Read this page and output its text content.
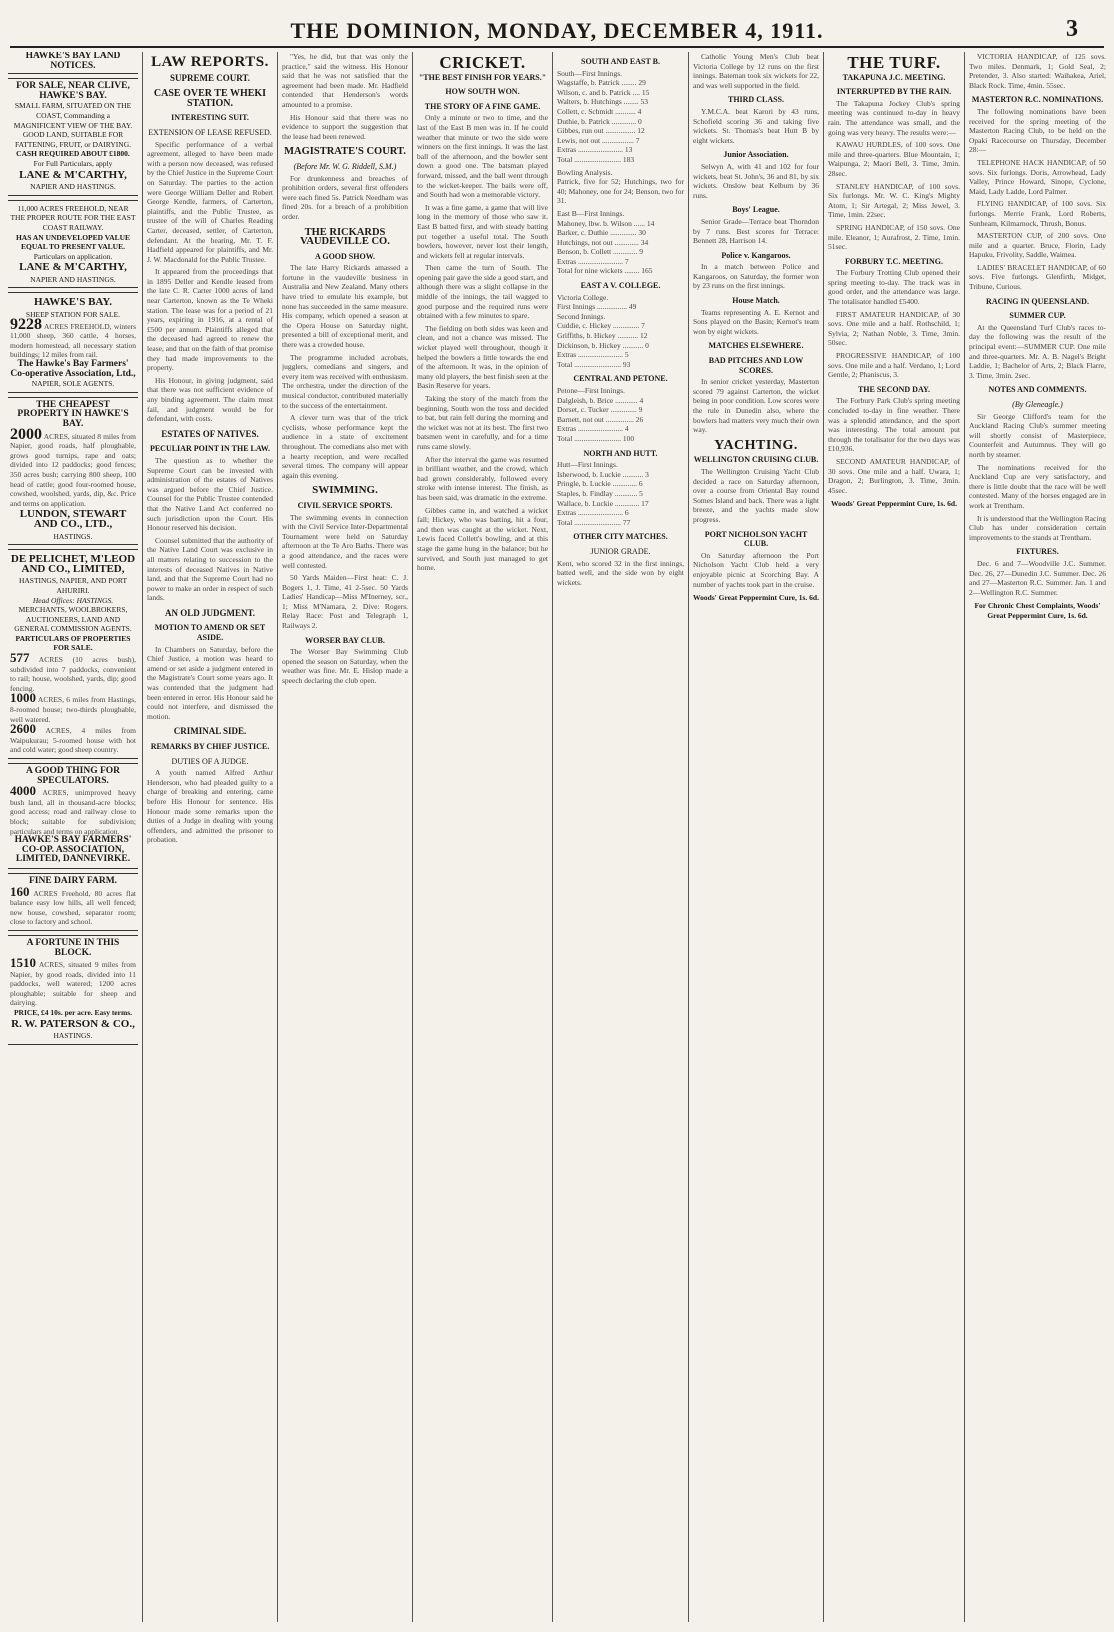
THE DOMINION, MONDAY, DECEMBER 4, 1911.	3
HAWKE'S BAY LAND NOTICES.
FOR SALE, NEAR CLIVE, HAWKE'S BAY.
SMALL FARM, SITUATED ON THE COAST, Commanding a MAGNIFICENT VIEW OF THE BAY.
GOOD LAND, SUITABLE FOR FATTENING, FRUIT, or DAIRYING.
CASH REQUIRED ABOUT £1800.
For Full Particulars, apply
LANE & M'CARTHY,
NAPIER AND HASTINGS.
11,000 ACRES FREEHOLD, NEAR THE PROPER ROUTE FOR THE EAST COAST RAILWAY.
HAS AN UNDEVELOPED VALUE EQUAL TO PRESENT VALUE.
Particulars on application.
LANE & M'CARTHY,
NAPIER AND HASTINGS.
HAWKE'S BAY.
SHEEP STATION FOR SALE.
9228 ACRES FREEHOLD, winters 11,000 sheep, 360 cattle, 4 horses, modern homestead, all necessary station buildings; 12 miles from rail.
The Hawke's Bay Farmers' Co-operative Association, Ltd.,
NAPIER, SOLE AGENTS.
THE CHEAPEST PROPERTY IN HAWKE'S BAY.
2000 ACRES, situated 8 miles from Napier, good roads, half ploughable, grows good turnips, rape and oats; divided into 12 paddocks; good fences; 350 acres bush; carrying 800 sheep, 100 head of cattle; good four-roomed house, cowshed, woolshed, yards, dip, &c. Price and terms on application.
LUNDON, STEWART AND CO., LTD.,
HASTINGS.
DE PELICHET, M'LEOD AND CO., LIMITED,
HASTINGS, NAPIER, AND PORT AHURIRI.
Head Offices: HASTINGS.
MERCHANTS, WOOLBROKERS, AUCTIONEERS, LAND AND GENERAL COMMISSION AGENTS.
PARTICULARS OF PROPERTIES FOR SALE.
577 ACRES (10 acres bush), subdivided into 7 paddocks, convenient to rail; house, woolshed, yards, dip; good fencing.
1000 ACRES, 6 miles from Hastings, 8-roomed house; two-thirds ploughable, well watered.
2600 ACRES, 4 miles from Waipukurau; 5-roomed house with hot and cold water; good sheep country.
A GOOD THING FOR SPECULATORS.
4000 ACRES, unimproved heavy bush land, all in thousand-acre blocks; good access; road and railway close to block; suitable for subdivision; particulars and terms on application.
HAWKE'S BAY FARMERS' CO-OP. ASSOCIATION, LIMITED, DANNEVIRKE.
FINE DAIRY FARM.
160 ACRES Freehold, 80 acres flat balance easy low hills, all well fenced; new house, cowshed, separator room; close to factory and school.
A FORTUNE IN THIS BLOCK.
1510 ACRES, situated 9 miles from Napier, by good roads, divided into 11 paddocks, well watered; 1200 acres ploughable; suitable for sheep and dairying.
PRICE, £4 10s. per acre. Easy terms.
R. W. PATERSON & CO.,
HASTINGS.
LAW REPORTS.
SUPREME COURT.
CASE OVER TE WHEKI STATION.
INTERESTING SUIT.
EXTENSION OF LEASE REFUSED.

Specific performance of a verbal agreement, alleged to have been made with a person now deceased, was refused by the Chief Justice in the Supreme Court on Saturday. The parties to the action were George William Deller and Robert George Kendle, farmers, of Carterton, plaintiffs, and the Public Trustee, as trustee of the will of Charles Reading Carter, deceased, settler, of Carterton, defendant. At the hearing, Mr. T. F. Hadfield appeared for plaintiffs, and Mr. J. W. Macdonald for the Public Trustee.

It appeared from the proceedings that in 1895 Deller and Kendle leased from the late C. R. Carter 1000 acres of land near Carterton, known as the Te Wheki station. The lease was for a period of 21 years, expiring in 1916, at a rental of £500 per annum. Plaintiffs alleged that the deceased had agreed to renew the lease, and that on the faith of that promise they had made improvements to the property.

His Honour, in giving judgment, said that there was not sufficient evidence of any binding agreement. The claim must fail, and judgment would be for defendant, with costs.

ESTATES OF NATIVES.
PECULIAR POINT IN THE LAW.

The question as to whether the Supreme Court can be invested with administration of the estates of Natives was argued before the Chief Justice. Counsel for the Public Trustee contended that the Native Land Act conferred no such jurisdiction upon the Court. His Honour reserved his decision.

Counsel submitted that the authority of the Native Land Court was exclusive in all matters relating to succession to the interests of deceased Natives in Native land, and that the Supreme Court had no power to make an order in respect of such lands.

AN OLD JUDGMENT.
MOTION TO AMEND OR SET ASIDE.

In Chambers on Saturday, before the Chief Justice, a motion was heard to amend or set aside a judgment entered in the Magistrate's Court some years ago. It was contended that the judgment had been entered in error. His Honour said he could not interfere, and dismissed the motion.

CRIMINAL SIDE.
REMARKS BY CHIEF JUSTICE.
DUTIES OF A JUDGE.

A youth named Alfred Arthur Henderson, who had pleaded guilty to a charge of breaking and entering, came before His Honour for sentence. His Honour made some remarks upon the duties of a Judge in dealing with young offenders, and admitted the prisoner to probation.

"Yes, he did, but that was only the practice," said the witness. His Honour said that he was not satisfied that the agreement had been made. Mr. Hadfield contended that Henderson's words amounted to a promise.

His Honour said that there was no evidence to support the suggestion that the lease had been renewed.

MAGISTRATE'S COURT.
(Before Mr. W. G. Riddell, S.M.)

For drunkenness and breaches of prohibition orders, several first offenders were each fined 5s. Patrick Needham was fined 20s. for a breach of a prohibition order.

THE RICKARDS VAUDEVILLE CO.
A GOOD SHOW.

The late Harry Rickards amassed a fortune in the vaudeville business in Australia and New Zealand. Many others have tried to emulate his example, but none has succeeded in the same measure. His company, which opened a season at the Opera House on Saturday night, presented a bill of exceptional merit, and there was a crowded house.

The programme included acrobats, jugglers, comedians and singers, and every item was received with enthusiasm. The orchestra, under the direction of the musical conductor, contributed materially to the success of the entertainment.

A clever turn was that of the trick cyclists, whose performance kept the audience in a state of excitement throughout. The comedians also met with a hearty reception, and were recalled several times. The company will appear again this evening.

SWIMMING.
CIVIL SERVICE SPORTS.

The swimming events in connection with the Civil Service Inter-Departmental Tournament were held on Saturday afternoon at the Te Aro Baths. There was a good attendance, and the races were well contested.

50 Yards Maiden—First heat: C. J. Bogers 1, J. Time, 41 2-5sec. 50 Yards Ladies' Handicap—Miss M'Inerney, scr., 1; Miss M'Namara, 2. Dive: Rogers. Relay Race: Post and Telegraph 1, Railways 2.

WORSER BAY CLUB.

The Worser Bay Swimming Club opened the season on Saturday, when the weather was fine. Mr. E. Hislop made a speech declaring the club open.

CRICKET.
"THE BEST FINISH FOR YEARS."
HOW SOUTH WON.
THE STORY OF A FINE GAME.

Only a minute or two to time, and the last of the East B men was in. If he could weather that minute or two the side were winners on the first innings. It was the last ball of the afternoon, and the bowler sent down a good one. The batsman played forward, missed, and the ball went through to the wicket-keeper. The bails were off, and South had won a memorable victory.

It was a fine game, a game that will live long in the memory of those who saw it. East B batted first, and with steady batting put together a useful total. The South bowlers, however, never lost their length, and wickets fell at regular intervals.

Then came the turn of South. The opening pair gave the side a good start, and although there was a slight collapse in the middle of the innings, the tail wagged to good purpose and the required runs were obtained with a few minutes to spare.

The fielding on both sides was keen and clean, and not a chance was missed. The wicket played well throughout, though it helped the bowlers a little towards the end of the afternoon. It was, in the opinion of many old players, the best finish seen at the Basin Reserve for years.

Taking the story of the match from the beginning, South won the toss and decided to bat, but rain fell during the morning and the wicket was not at its best. The first two batsmen went in carefully, and for a time runs came slowly.

After the interval the game was resumed in brilliant weather, and the crowd, which had grown considerably, followed every stroke with intense interest. The finish, as has been said, was dramatic in the extreme.

Gibbes came in, and watched a wicket fall; Hickey, who was batting, hit a four, and then was caught at the wicket. Next, Lewis faced Collett's bowling, and at this stage the game hung in the balance; but he survived, and South just managed to get home.

SOUTH AND EAST B.
South—First Innings.
Wagstaffe, b. Patrick ........ 29
Wilson, c. and b. Patrick .... 15
Walters, b. Hutchings ........ 53
Collett, c. Schmidt ........... 4
Duthie, b. Patrick ............. 0
Gibbes, run out ................ 12
Lewis, not out ................. 7
Extras ........................ 13
Total ......................... 183
Bowling Analysis.
Patrick, five for 52; Hutchings, two for 40; Mahoney, one for 24; Benson, two for 31.
East B—First Innings.
Mahoney, lbw. b. Wilson ...... 14
Barker, c. Duthie .............. 30
Hutchings, not out ............. 34
Benson, b. Collett ............. 9
Extras ........................ 7
Total for nine wickets ........ 165
EAST A V. COLLEGE.
Victoria College.
First Innings ................ 49
Second Innings.
Cuddie, c. Hickey .............. 7
Griffiths, b. Hickey ........... 12
Dickinson, b. Hickey ........... 0
Extras ........................ 5
Total ......................... 93
CENTRAL AND PETONE.
Petone—First Innings.
Dalgleish, b. Brice ............ 4
Dorset, c. Tucker .............. 9
Barnett, not out ............... 26
Extras ........................ 4
Total ......................... 100
NORTH AND HUTT.
Hutt—First Innings.
Isherwood, b. Luckie ........... 3
Pringle, b. Luckie ............. 6
Staples, b. Findlay ............ 5
Wallace, b. Luckie ............. 17
Extras ........................ 6
Total ......................... 77
OTHER CITY MATCHES.
JUNIOR GRADE.
Kent, who scored 32 in the first innings, batted well, and the side won by eight wickets.

Catholic Young Men's Club beat Victoria College by 12 runs on the first innings. Bateman took six wickets for 22, and was well supported in the field.

THIRD CLASS.

Y.M.C.A. beat Karori by 43 runs, Schofield scoring 36 and taking five wickets. St. Thomas's beat Hutt B by eight wickets.

Junior Association.

Selwyn A, with 41 and 102 for four wickets, beat St. John's, 36 and 81, by six wickets. Onslow beat Kelburn by 36 runs.

Boys' League.

Senior Grade—Terrace beat Thorndon by 7 runs. Best scores for Terrace: Bennett 28, Harrison 14.

Police v. Kangaroos.

In a match between Police and Kangaroos, on Saturday, the former won by 23 runs on the first innings.

House Match.

Teams representing A. E. Kernot and Sons played on the Basin; Kernot's team won by eight wickets.

MATCHES ELSEWHERE.
BAD PITCHES AND LOW SCORES.

In senior cricket yesterday, Masterton scored 79 against Carterton, the wicket being in poor condition. Low scores were the rule in Dunedin also, where the bowlers had matters very much their own way.

YACHTING.
WELLINGTON CRUISING CLUB.

The Wellington Cruising Yacht Club decided a race on Saturday afternoon, over a course from Oriental Bay round Somes Island and back. There was a light breeze, and the yachts made slow progress.

PORT NICHOLSON YACHT CLUB.

On Saturday afternoon the Port Nicholson Yacht Club held a very enjoyable picnic at Scorching Bay. A number of yachts took part in the cruise.

Woods' Great Peppermint Cure, 1s. 6d.
THE TURF.
TAKAPUNA J.C. MEETING.
INTERRUPTED BY THE RAIN.

The Takapuna Jockey Club's spring meeting was continued to-day in heavy rain. The attendance was small, and the going was very heavy. The results were:—

KAWAU HURDLES, of 100 sovs. One mile and three-quarters. Blue Mountain, 1; Waipunga, 2; Maori Bell, 3. Time, 3min. 28sec.

STANLEY HANDICAP, of 100 sovs. Six furlongs. Mr. W. C. King's Mighty Atom, 1; Sir Artegal, 2; Miss Jewel, 3. Time, 1min. 22sec.

SPRING HANDICAP, of 150 sovs. One mile. Eleanor, 1; Aurafrost, 2. Time, 1min. 51sec.

FORBURY T.C. MEETING.

The Forbury Trotting Club opened their spring meeting to-day. The track was in good order, and the attendance was large. The totalisator handled £5400.

FIRST AMATEUR HANDICAP, of 30 sovs. One mile and a half. Rothschild, 1; Sylvia, 2; Nathan Noble, 3. Time, 3min. 50sec.

PROGRESSIVE HANDICAP, of 100 sovs. One mile and a half. Verdano, 1; Lord Gentle, 2; Phaniscus, 3.

THE SECOND DAY.

The Forbury Park Club's spring meeting concluded to-day in fine weather. There was a splendid attendance, and the sport was interesting. The total amount put through the totalisator for the two days was £10,936.

SECOND AMATEUR HANDICAP, of 30 sovs. One mile and a half. Uwara, 1; Dragon, 2; Burlington, 3. Time, 3min. 45sec.

Woods' Great Peppermint Cure, 1s. 6d.

VICTORIA HANDICAP, of 125 sovs. Two miles. Denmark, 1; Gold Seal, 2; Pretender, 3. Also started: Waihakea, Ariel, Black Rock. Time, 4min. 55sec.

MASTERTON R.C. NOMINATIONS.

The following nominations have been received for the spring meeting of the Masterton Racing Club, to be held on the Opaki Racecourse on Thursday, December 28:—

TELEPHONE HACK HANDICAP, of 50 sovs. Six furlongs. Doris, Arrowhead, Lady Valley, Prince Howard, Sinope, Cyclone, Maid, Lady Ladde, Lord Palmer.

FLYING HANDICAP, of 100 sovs. Six furlongs. Merrie Frank, Lord Roberts, Sunbeam, Kilmarnock, Thrush, Bonus.

MASTERTON CUP, of 200 sovs. One mile and a quarter. Bruce, Florin, Lady Hapuku, Frivolity, Saddle, Waimea.

LADIES' BRACELET HANDICAP, of 60 sovs. Five furlongs. Glenfirth, Midget, Tribune, Curious.

RACING IN QUEENSLAND.
SUMMER CUP.

At the Queensland Turf Club's races to-day the following was the result of the principal event:—SUMMER CUP. One mile and three-quarters. Mr. A. B. Nagel's Bright Laddie, 1; Bachelor of Arts, 2; Black Flarre, 3. Time, 3min. 2sec.

NOTES AND COMMENTS.
(By Gleneagle.)

Sir George Clifford's team for the Auckland Racing Club's summer meeting will shortly consist of Masterpiece, Counterfeit and Autumnus. They will go north by steamer.

The nominations received for the Auckland Cup are very satisfactory, and there is little doubt that the race will be well contested. Many of the horses engaged are in work at Trentham.

It is understood that the Wellington Racing Club has under consideration certain improvements to the stands at Trentham.

FIXTURES.

Dec. 6 and 7—Woodville J.C. Summer. Dec. 26, 27—Dunedin J.C. Summer. Dec. 26 and 27—Masterton R.C. Summer. Jan. 1 and 2—Wellington R.C. Summer.

For Chronic Chest Complaints, Woods' Great Peppermint Cure, 1s. 6d.
